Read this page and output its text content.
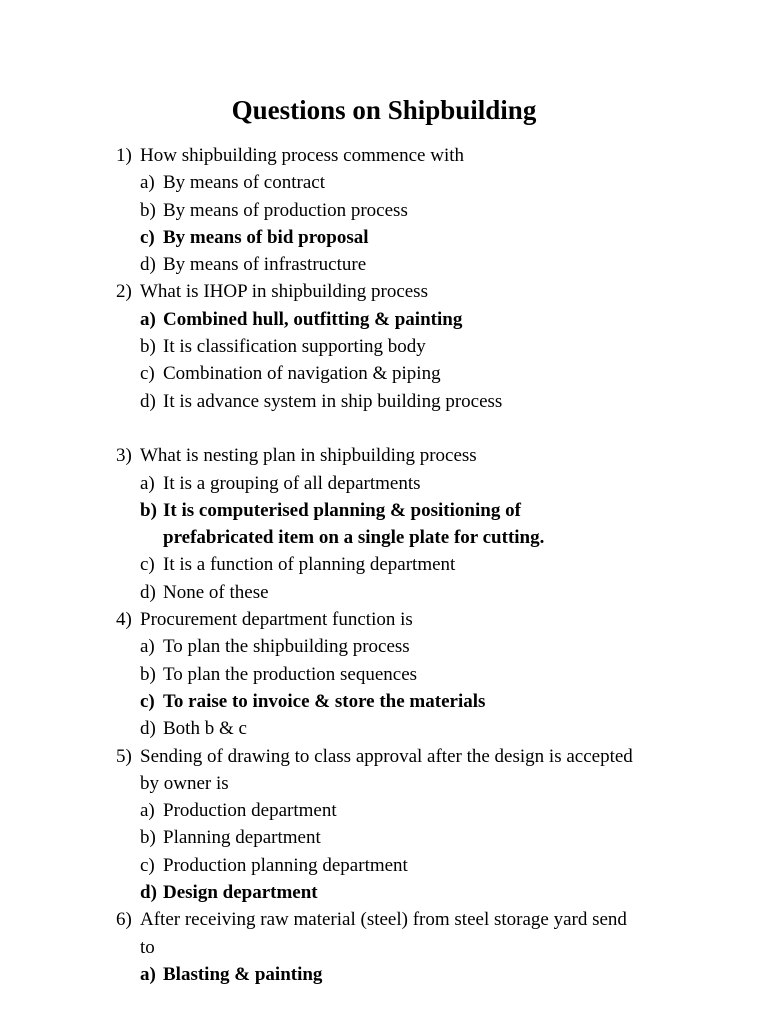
Questions on Shipbuilding
1) How shipbuilding process commence with
a) By means of contract
b) By means of production process
c) By means of bid proposal
d) By means of infrastructure
2) What is IHOP in shipbuilding process
a) Combined hull, outfitting & painting
b) It is classification supporting body
c) Combination of navigation & piping
d) It is advance system in ship building process
3) What is nesting plan in shipbuilding process
a) It is a grouping of all departments
b) It is computerised planning & positioning of
prefabricated item on a single plate for cutting.
c) It is a function of planning department
d) None of these
4) Procurement department function is
a) To plan the shipbuilding process
b) To plan the production sequences
c) To raise to invoice & store the materials
d) Both b & c
5) Sending of drawing to class approval after the design is accepted
by owner is
a) Production department
b) Planning department
c) Production planning department
d) Design department
6) After receiving raw material (steel) from steel storage yard send
to
a) Blasting & painting
